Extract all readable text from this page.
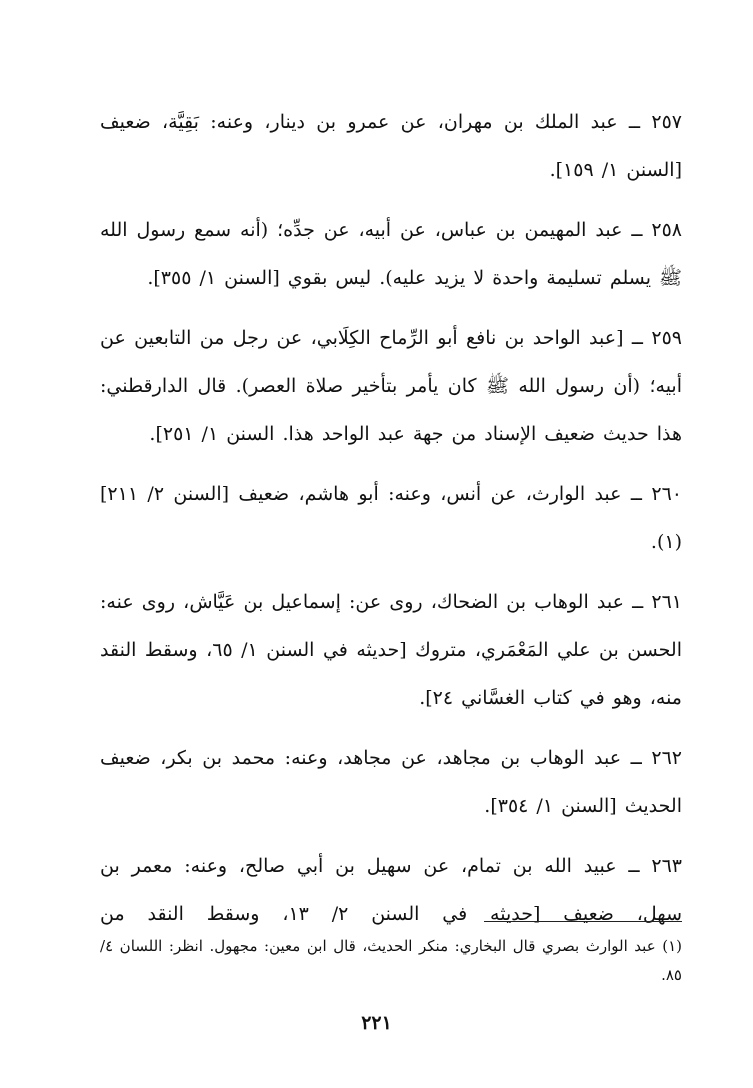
٢٥٧ ــ عبد الملك بن مهران، عن عمرو بن دينار، وعنه: بَقِيَّة، ضعيف [السنن ١/ ١٥٩].

٢٥٨ ــ عبد المهيمن بن عباس، عن أبيه، عن جدِّه؛ (أنه سمع رسول الله ﷺ يسلم تسليمة واحدة لا يزيد عليه). ليس بقوي [السنن ١/ ٣٥٥].

٢٥٩ ــ [عبد الواحد بن نافع أبو الرِّماح الكِلَابي، عن رجل من التابعين عن أبيه؛ (أن رسول الله ﷺ كان يأمر بتأخير صلاة العصر). قال الدارقطني: هذا حديث ضعيف الإسناد من جهة عبد الواحد هذا. السنن ١/ ٢٥١].

٢٦٠ ــ عبد الوارث، عن أنس، وعنه: أبو هاشم، ضعيف [السنن ٢/ ٢١١](١).

٢٦١ ــ عبد الوهاب بن الضحاك، روى عن: إسماعيل بن عَيَّاش، روى عنه: الحسن بن علي المَعْمَري، متروك [حديثه في السنن ١/ ٦٥، وسقط النقد منه، وهو في كتاب الغسَّاني ٢٤].

٢٦٢ ــ عبد الوهاب بن مجاهد، عن مجاهد، وعنه: محمد بن بكر، ضعيف الحديث [السنن ١/ ٣٥٤].

٢٦٣ ــ عبيد الله بن تمام، عن سهيل بن أبي صالح، وعنه: معمر بن سهل، ضعيف [حديثه في السنن ٢/ ١٣، وسقط النقد من

(١) عبد الوارث بصري قال البخاري: منكر الحديث، قال ابن معين: مجهول. انظر: اللسان ٤/ ٨٥.

٢٢١
